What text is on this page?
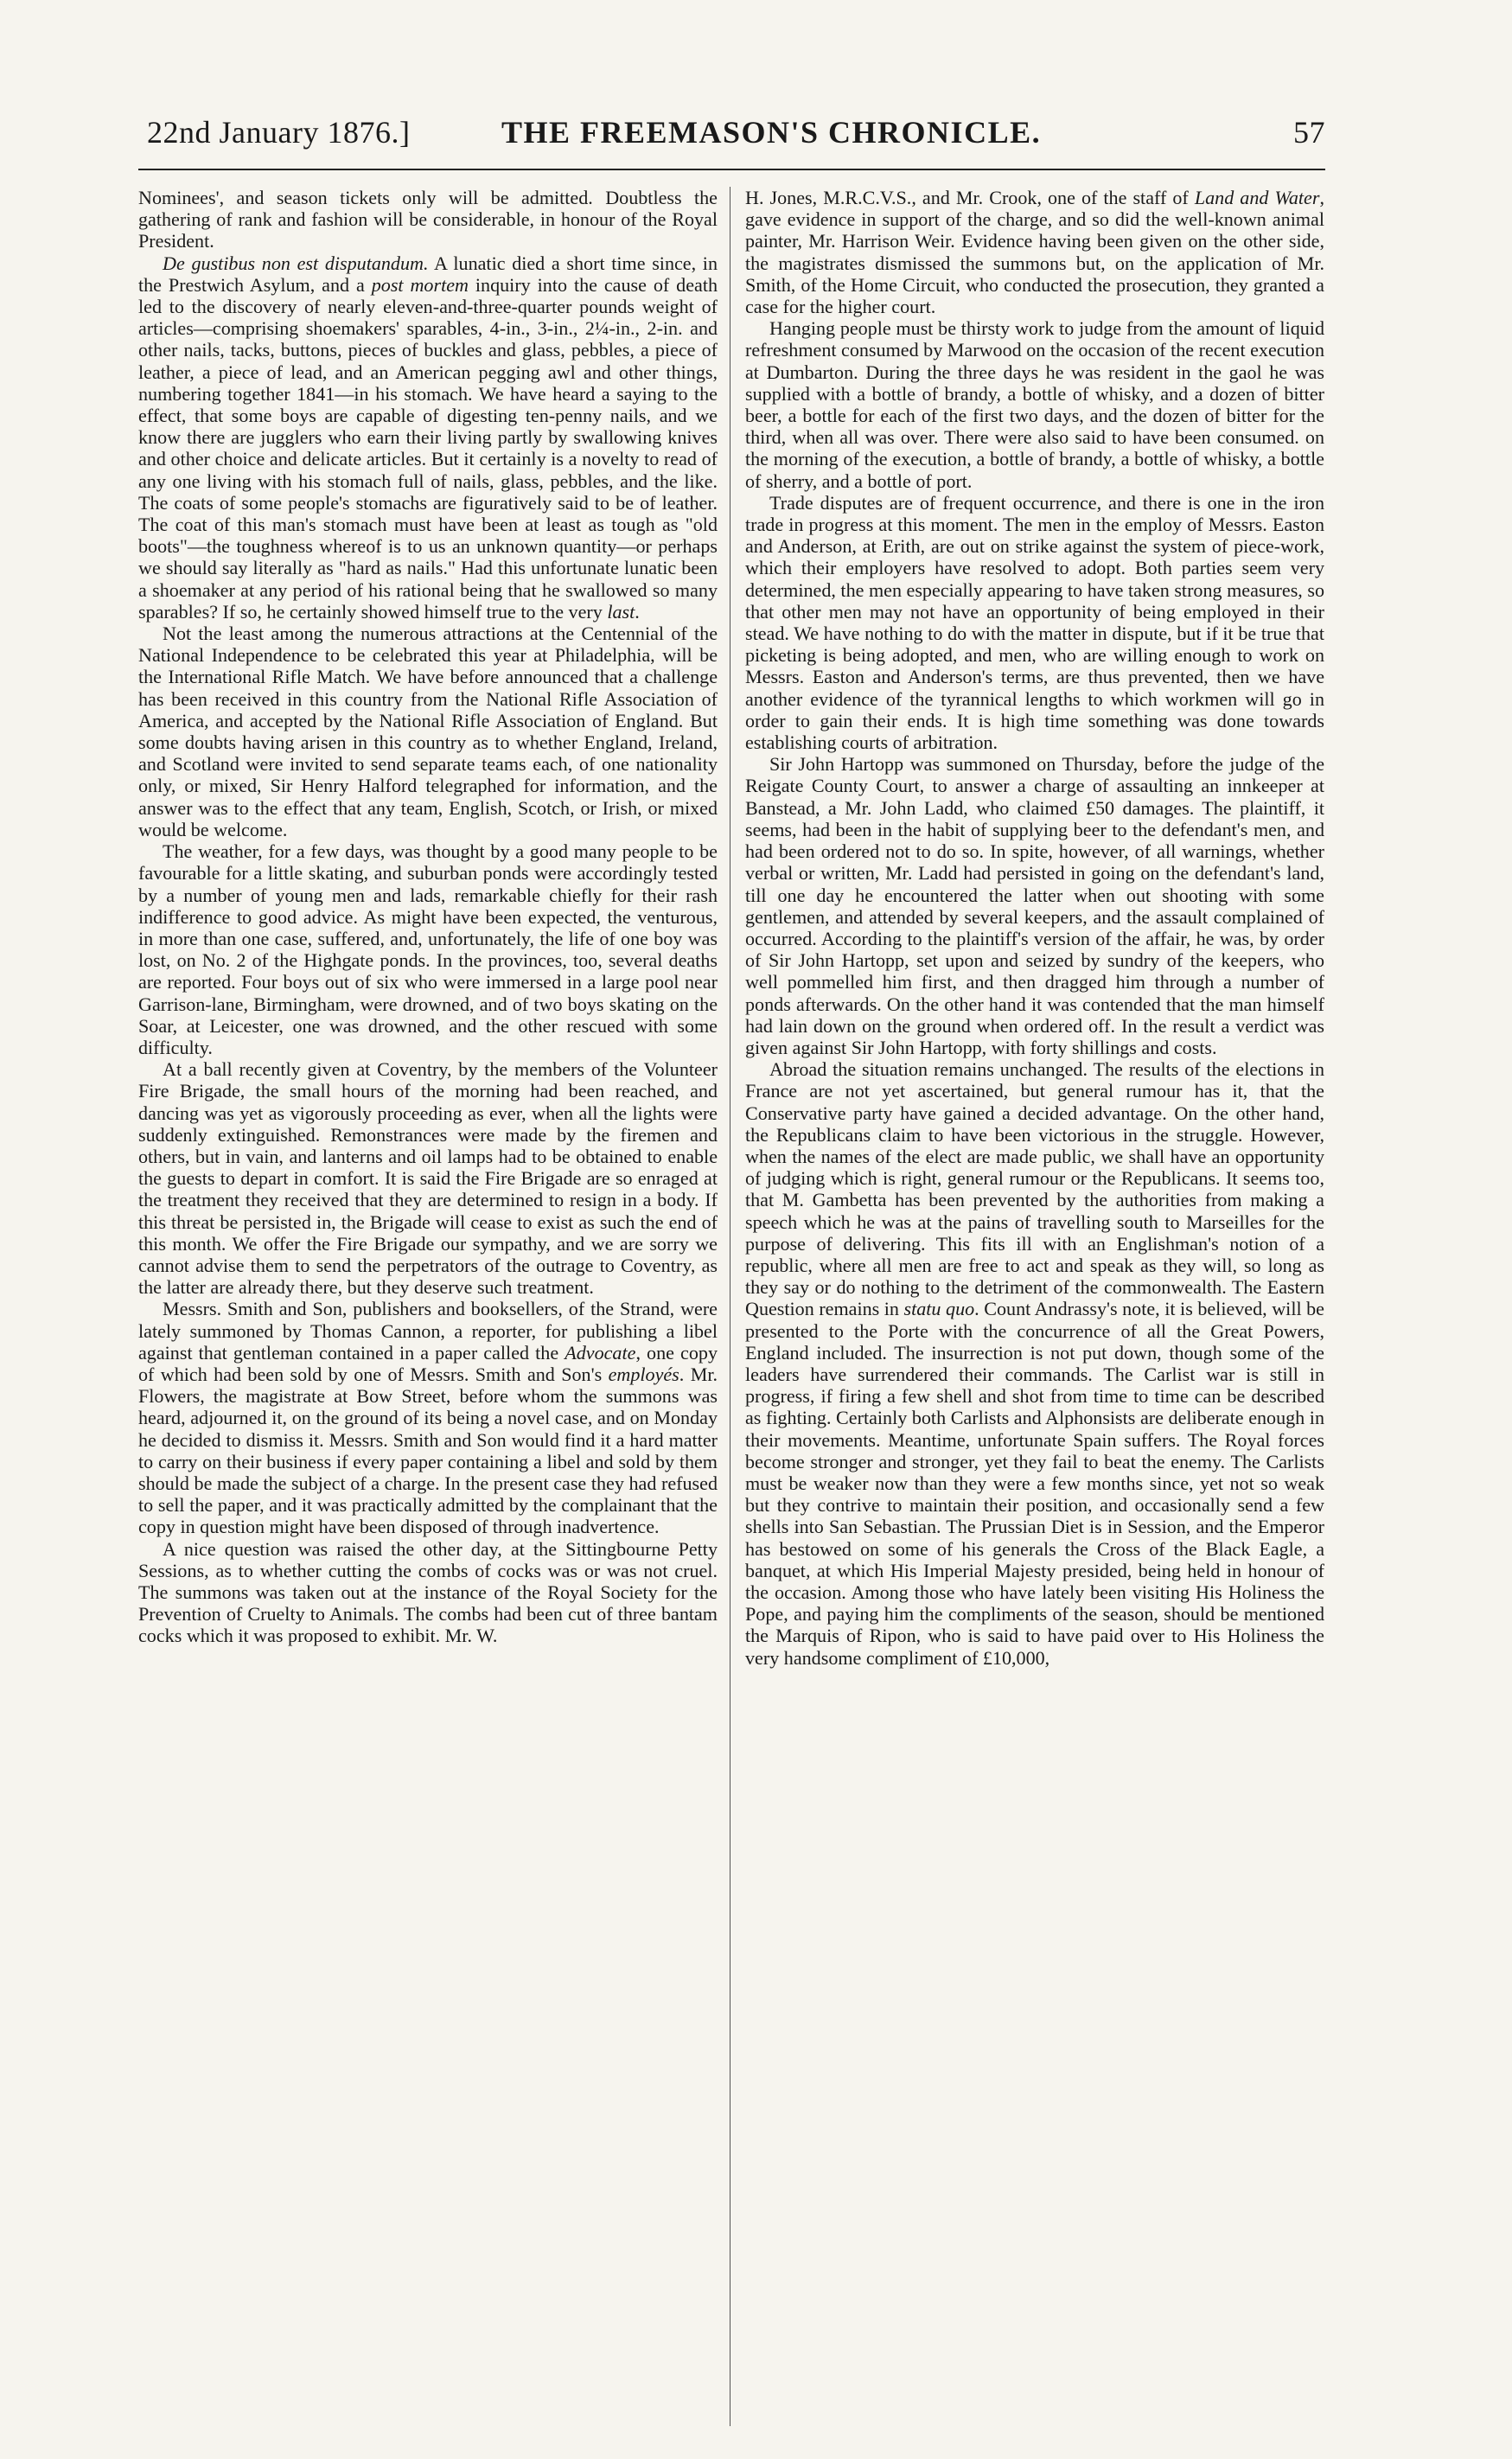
22nd January 1876.]	THE FREEMASON'S CHRONICLE.	57

Nominees', and season tickets only will be admitted. Doubtless the gathering of rank and fashion will be considerable, in honour of the Royal President.

De gustibus non est disputandum. A lunatic died a short time since, in the Prestwich Asylum, and a post mortem inquiry into the cause of death led to the discovery of nearly eleven-and-three-quarter pounds weight of articles—comprising shoemakers' sparables, 4-in., 3-in., 2¼-in., 2-in. and other nails, tacks, buttons, pieces of buckles and glass, pebbles, a piece of leather, a piece of lead, and an American pegging awl and other things, numbering together 1841—in his stomach. We have heard a saying to the effect, that some boys are capable of digesting ten-penny nails, and we know there are jugglers who earn their living partly by swallowing knives and other choice and delicate articles. But it certainly is a novelty to read of any one living with his stomach full of nails, glass, pebbles, and the like. The coats of some people's stomachs are figuratively said to be of leather. The coat of this man's stomach must have been at least as tough as "old boots"—the toughness whereof is to us an unknown quantity—or perhaps we should say literally as "hard as nails." Had this unfortunate lunatic been a shoemaker at any period of his rational being that he swallowed so many sparables? If so, he certainly showed himself true to the very last.

Not the least among the numerous attractions at the Centennial of the National Independence to be celebrated this year at Philadelphia, will be the International Rifle Match. We have before announced that a challenge has been received in this country from the National Rifle Association of America, and accepted by the National Rifle Association of England. But some doubts having arisen in this country as to whether England, Ireland, and Scotland were invited to send separate teams each, of one nationality only, or mixed, Sir Henry Halford telegraphed for information, and the answer was to the effect that any team, English, Scotch, or Irish, or mixed would be welcome.

The weather, for a few days, was thought by a good many people to be favourable for a little skating, and suburban ponds were accordingly tested by a number of young men and lads, remarkable chiefly for their rash indifference to good advice. As might have been expected, the venturous, in more than one case, suffered, and, unfortunately, the life of one boy was lost, on No. 2 of the Highgate ponds. In the provinces, too, several deaths are reported. Four boys out of six who were immersed in a large pool near Garrison-lane, Birmingham, were drowned, and of two boys skating on the Soar, at Leicester, one was drowned, and the other rescued with some difficulty.

At a ball recently given at Coventry, by the members of the Volunteer Fire Brigade, the small hours of the morning had been reached, and dancing was yet as vigorously proceeding as ever, when all the lights were suddenly extinguished. Remonstrances were made by the firemen and others, but in vain, and lanterns and oil lamps had to be obtained to enable the guests to depart in comfort. It is said the Fire Brigade are so enraged at the treatment they received that they are determined to resign in a body. If this threat be persisted in, the Brigade will cease to exist as such the end of this month. We offer the Fire Brigade our sympathy, and we are sorry we cannot advise them to send the perpetrators of the outrage to Coventry, as the latter are already there, but they deserve such treatment.

Messrs. Smith and Son, publishers and booksellers, of the Strand, were lately summoned by Thomas Cannon, a reporter, for publishing a libel against that gentleman contained in a paper called the Advocate, one copy of which had been sold by one of Messrs. Smith and Son's employés. Mr. Flowers, the magistrate at Bow Street, before whom the summons was heard, adjourned it, on the ground of its being a novel case, and on Monday he decided to dismiss it. Messrs. Smith and Son would find it a hard matter to carry on their business if every paper containing a libel and sold by them should be made the subject of a charge. In the present case they had refused to sell the paper, and it was practically admitted by the complainant that the copy in question might have been disposed of through inadvertence.

A nice question was raised the other day, at the Sittingbourne Petty Sessions, as to whether cutting the combs of cocks was or was not cruel. The summons was taken out at the instance of the Royal Society for the Prevention of Cruelty to Animals. The combs had been cut of three bantam cocks which it was proposed to exhibit. Mr. W.

H. Jones, M.R.C.V.S., and Mr. Crook, one of the staff of Land and Water, gave evidence in support of the charge, and so did the well-known animal painter, Mr. Harrison Weir. Evidence having been given on the other side, the magistrates dismissed the summons but, on the application of Mr. Smith, of the Home Circuit, who conducted the prosecution, they granted a case for the higher court.

Hanging people must be thirsty work to judge from the amount of liquid refreshment consumed by Marwood on the occasion of the recent execution at Dumbarton. During the three days he was resident in the gaol he was supplied with a bottle of brandy, a bottle of whisky, and a dozen of bitter beer, a bottle for each of the first two days, and the dozen of bitter for the third, when all was over. There were also said to have been consumed. on the morning of the execution, a bottle of brandy, a bottle of whisky, a bottle of sherry, and a bottle of port.

Trade disputes are of frequent occurrence, and there is one in the iron trade in progress at this moment. The men in the employ of Messrs. Easton and Anderson, at Erith, are out on strike against the system of piece-work, which their employers have resolved to adopt. Both parties seem very determined, the men especially appearing to have taken strong measures, so that other men may not have an opportunity of being employed in their stead. We have nothing to do with the matter in dispute, but if it be true that picketing is being adopted, and men, who are willing enough to work on Messrs. Easton and Anderson's terms, are thus prevented, then we have another evidence of the tyrannical lengths to which workmen will go in order to gain their ends. It is high time something was done towards establishing courts of arbitration.

Sir John Hartopp was summoned on Thursday, before the judge of the Reigate County Court, to answer a charge of assaulting an innkeeper at Banstead, a Mr. John Ladd, who claimed £50 damages. The plaintiff, it seems, had been in the habit of supplying beer to the defendant's men, and had been ordered not to do so. In spite, however, of all warnings, whether verbal or written, Mr. Ladd had persisted in going on the defendant's land, till one day he encountered the latter when out shooting with some gentlemen, and attended by several keepers, and the assault complained of occurred. According to the plaintiff's version of the affair, he was, by order of Sir John Hartopp, set upon and seized by sundry of the keepers, who well pommelled him first, and then dragged him through a number of ponds afterwards. On the other hand it was contended that the man himself had lain down on the ground when ordered off. In the result a verdict was given against Sir John Hartopp, with forty shillings and costs.

Abroad the situation remains unchanged. The results of the elections in France are not yet ascertained, but general rumour has it, that the Conservative party have gained a decided advantage. On the other hand, the Republicans claim to have been victorious in the struggle. However, when the names of the elect are made public, we shall have an opportunity of judging which is right, general rumour or the Republicans. It seems too, that M. Gambetta has been prevented by the authorities from making a speech which he was at the pains of travelling south to Marseilles for the purpose of delivering. This fits ill with an Englishman's notion of a republic, where all men are free to act and speak as they will, so long as they say or do nothing to the detriment of the commonwealth. The Eastern Question remains in statu quo. Count Andrassy's note, it is believed, will be presented to the Porte with the concurrence of all the Great Powers, England included. The insurrection is not put down, though some of the leaders have surrendered their commands. The Carlist war is still in progress, if firing a few shell and shot from time to time can be described as fighting. Certainly both Carlists and Alphonsists are deliberate enough in their movements. Meantime, unfortunate Spain suffers. The Royal forces become stronger and stronger, yet they fail to beat the enemy. The Carlists must be weaker now than they were a few months since, yet not so weak but they contrive to maintain their position, and occasionally send a few shells into San Sebastian. The Prussian Diet is in Session, and the Emperor has bestowed on some of his generals the Cross of the Black Eagle, a banquet, at which His Imperial Majesty presided, being held in honour of the occasion. Among those who have lately been visiting His Holiness the Pope, and paying him the compliments of the season, should be mentioned the Marquis of Ripon, who is said to have paid over to His Holiness the very handsome compliment of £10,000,
